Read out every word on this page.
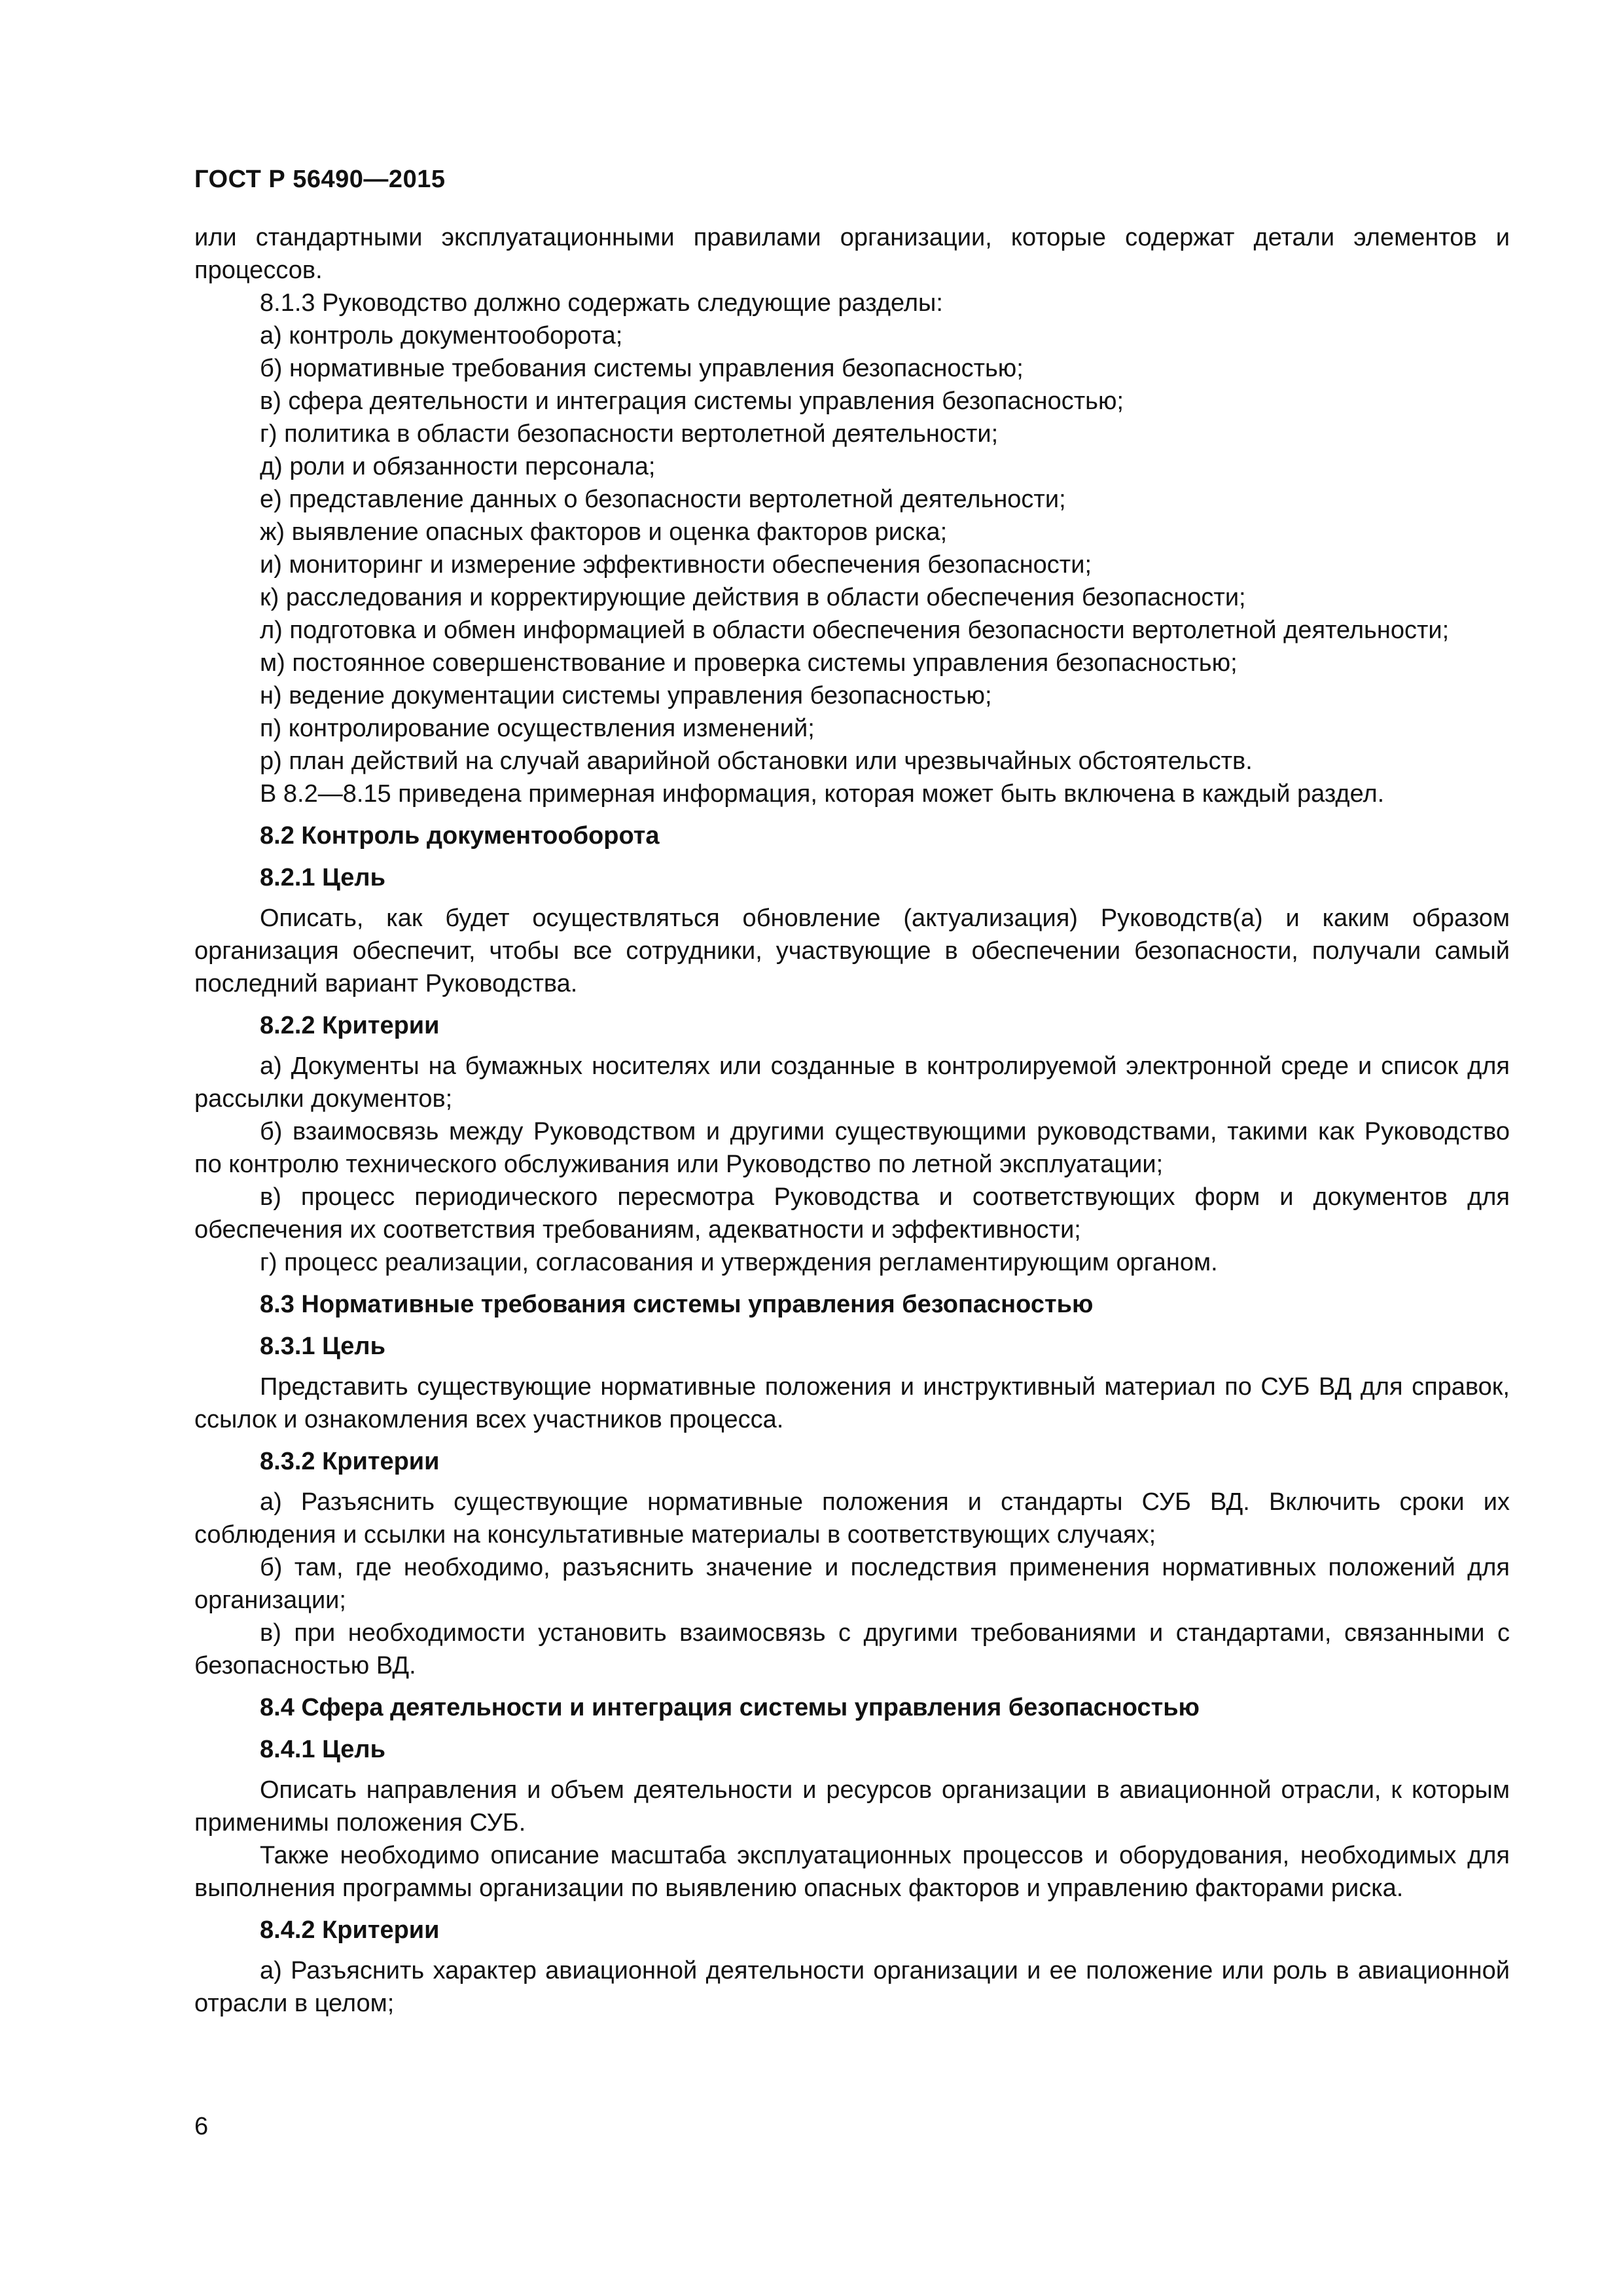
ГОСТ Р 56490—2015

или стандартными эксплуатационными правилами организации, которые содержат детали элементов и процессов.

8.1.3 Руководство должно содержать следующие разделы:

а) контроль документооборота;

б) нормативные требования системы управления безопасностью;

в) сфера деятельности и интеграция системы управления безопасностью;

г) политика в области безопасности вертолетной деятельности;

д) роли и обязанности персонала;

е) представление данных о безопасности вертолетной деятельности;

ж) выявление опасных факторов и оценка факторов риска;

и) мониторинг и измерение эффективности обеспечения безопасности;

к) расследования и корректирующие действия в области обеспечения безопасности;

л) подготовка и обмен информацией в области обеспечения безопасности вертолетной деятельности;

м) постоянное совершенствование и проверка системы управления безопасностью;

н) ведение документации системы управления безопасностью;

п) контролирование осуществления изменений;

р) план действий на случай аварийной обстановки или чрезвычайных обстоятельств.

В 8.2—8.15 приведена примерная информация, которая может быть включена в каждый раздел.

8.2 Контроль документооборота
8.2.1 Цель

Описать, как будет осуществляться обновление (актуализация) Руководств(а) и каким образом организация обеспечит, чтобы все сотрудники, участвующие в обеспечении безопасности, получали самый последний вариант Руководства.

8.2.2 Критерии

а) Документы на бумажных носителях или созданные в контролируемой электронной среде и список для рассылки документов;

б) взаимосвязь между Руководством и другими существующими руководствами, такими как Руководство по контролю технического обслуживания или Руководство по летной эксплуатации;

в) процесс периодического пересмотра Руководства и соответствующих форм и документов для обеспечения их соответствия требованиям, адекватности и эффективности;

г) процесс реализации, согласования и утверждения регламентирующим органом.

8.3 Нормативные требования системы управления безопасностью
8.3.1 Цель

Представить существующие нормативные положения и инструктивный материал по СУБ ВД для справок, ссылок и ознакомления всех участников процесса.

8.3.2 Критерии

а) Разъяснить существующие нормативные положения и стандарты СУБ ВД. Включить сроки их соблюдения и ссылки на консультативные материалы в соответствующих случаях;

б) там, где необходимо, разъяснить значение и последствия применения нормативных положений для организации;

в) при необходимости установить взаимосвязь с другими требованиями и стандартами, связанными с безопасностью ВД.

8.4 Сфера деятельности и интеграция системы управления безопасностью
8.4.1 Цель

Описать направления и объем деятельности и ресурсов организации в авиационной отрасли, к которым применимы положения СУБ.

Также необходимо описание масштаба эксплуатационных процессов и оборудования, необходимых для выполнения программы организации по выявлению опасных факторов и управлению факторами риска.

8.4.2 Критерии

а) Разъяснить характер авиационной деятельности организации и ее положение или роль в авиационной отрасли в целом;

6
